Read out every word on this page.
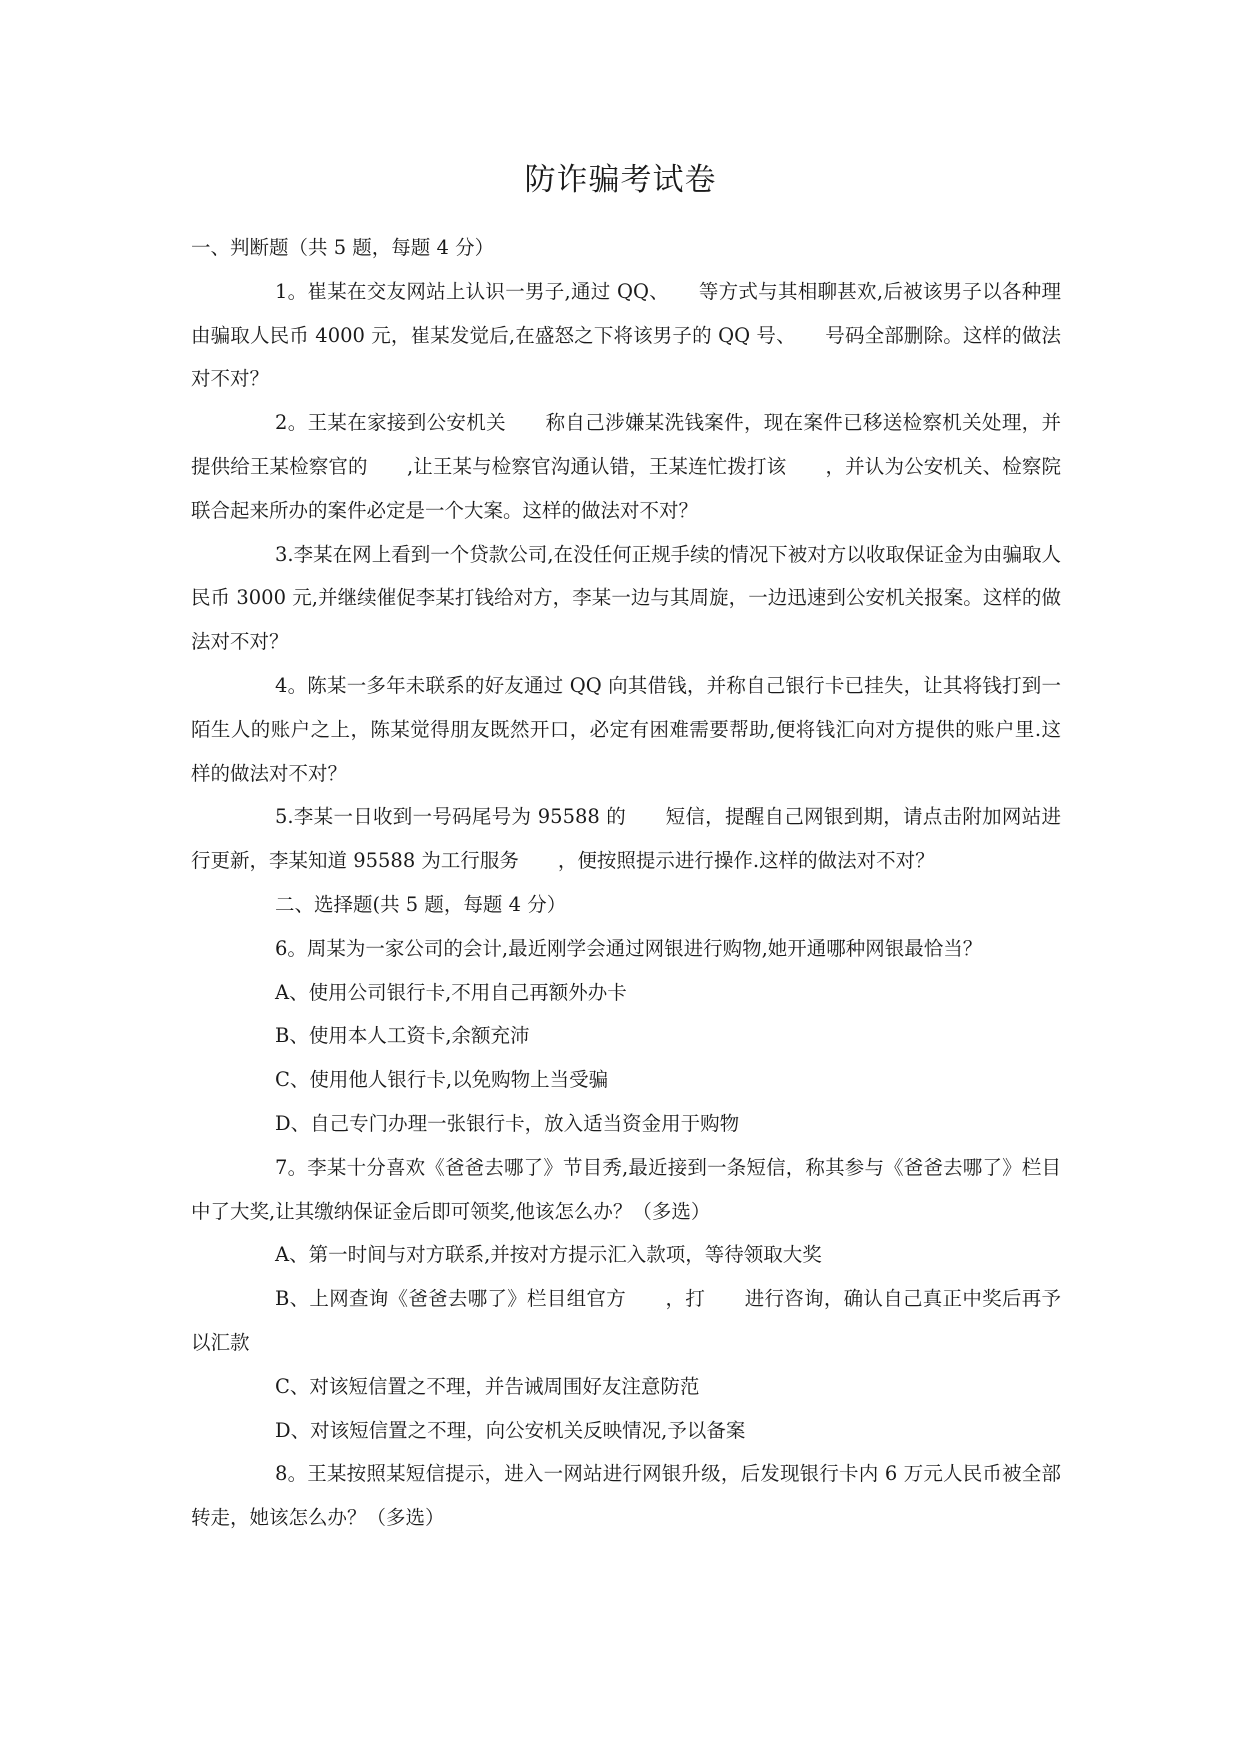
防诈骗考试卷

一、判断题（共 5 题，每题 4 分）

1。崔某在交友网站上认识一男子,通过 QQ、　　等方式与其相聊甚欢,后被该男子以各种理由骗取人民币 4000 元，崔某发觉后,在盛怒之下将该男子的 QQ 号、　　号码全部删除。这样的做法对不对？

2。王某在家接到公安机关　　称自己涉嫌某洗钱案件，现在案件已移送检察机关处理，并提供给王某检察官的　　,让王某与检察官沟通认错，王某连忙拨打该　　，并认为公安机关、检察院联合起来所办的案件必定是一个大案。这样的做法对不对？

3.李某在网上看到一个贷款公司,在没任何正规手续的情况下被对方以收取保证金为由骗取人民币 3000 元,并继续催促李某打钱给对方，李某一边与其周旋，一边迅速到公安机关报案。这样的做法对不对？

4。陈某一多年未联系的好友通过 QQ 向其借钱，并称自己银行卡已挂失，让其将钱打到一陌生人的账户之上，陈某觉得朋友既然开口，必定有困难需要帮助,便将钱汇向对方提供的账户里.这样的做法对不对？

5.李某一日收到一号码尾号为 95588 的　　短信，提醒自己网银到期，请点击附加网站进行更新，李某知道 95588 为工行服务　　，便按照提示进行操作.这样的做法对不对？

二、选择题(共 5 题，每题 4 分）

6。周某为一家公司的会计,最近刚学会通过网银进行购物,她开通哪种网银最恰当？

A、使用公司银行卡,不用自己再额外办卡

B、使用本人工资卡,余额充沛

C、使用他人银行卡,以免购物上当受骗

D、自己专门办理一张银行卡，放入适当资金用于购物

7。李某十分喜欢《爸爸去哪了》节目秀,最近接到一条短信，称其参与《爸爸去哪了》栏目中了大奖,让其缴纳保证金后即可领奖,他该怎么办？（多选）

A、第一时间与对方联系,并按对方提示汇入款项，等待领取大奖

B、上网查询《爸爸去哪了》栏目组官方　　，打　　进行咨询，确认自己真正中奖后再予以汇款

C、对该短信置之不理，并告诫周围好友注意防范

D、对该短信置之不理，向公安机关反映情况,予以备案

8。王某按照某短信提示，进入一网站进行网银升级，后发现银行卡内 6 万元人民币被全部转走，她该怎么办？（多选）
